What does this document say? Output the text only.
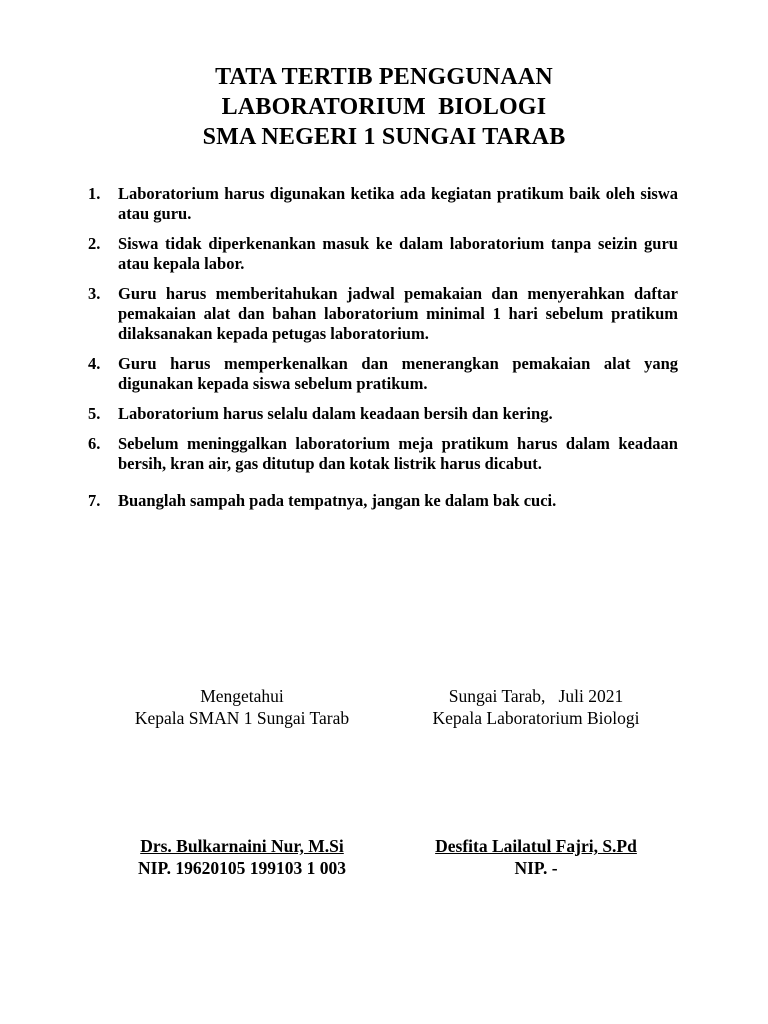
TATA TERTIB PENGGUNAAN
LABORATORIUM  BIOLOGI
SMA NEGERI 1 SUNGAI TARAB
1.	Laboratorium harus digunakan ketika ada kegiatan pratikum baik oleh siswa atau guru.
2.	Siswa tidak diperkenankan masuk ke dalam laboratorium tanpa seizin guru atau kepala labor.
3.	Guru harus memberitahukan jadwal pemakaian dan menyerahkan daftar pemakaian alat dan bahan laboratorium minimal 1 hari sebelum pratikum dilaksanakan kepada petugas laboratorium.
4.	Guru harus memperkenalkan dan menerangkan pemakaian alat yang digunakan kepada siswa sebelum pratikum.
5.	Laboratorium harus selalu dalam keadaan bersih dan kering.
6.	Sebelum meninggalkan laboratorium meja pratikum harus dalam keadaan bersih, kran air, gas ditutup dan kotak listrik harus dicabut.
7.	Buanglah sampah pada tempatnya, jangan ke dalam bak cuci.
Mengetahui
Kepala SMAN 1 Sungai Tarab
Sungai Tarab,   Juli 2021
Kepala Laboratorium Biologi
Drs. Bulkarnaini Nur, M.Si
NIP. 19620105 199103 1 003
Desfita Lailatul Fajri, S.Pd
NIP. -
